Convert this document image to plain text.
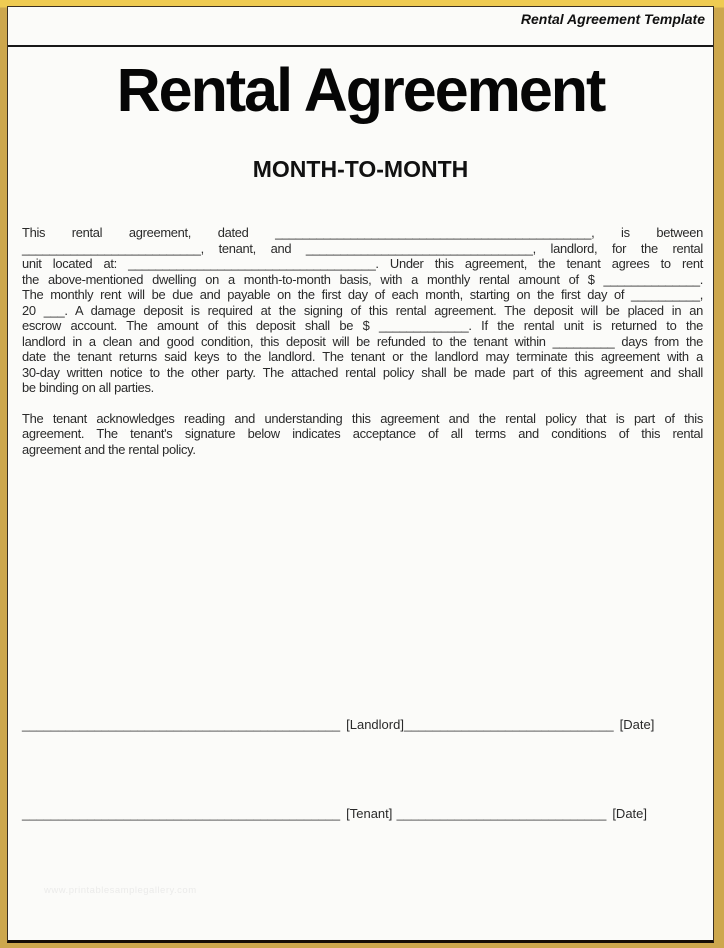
Rental Agreement Template
Rental Agreement
MONTH-TO-MONTH
This rental agreement, dated ______________________________________________, is between
__________________________, tenant, and _________________________________, landlord, for the rental
unit located at: ____________________________________. Under this agreement, the tenant agrees to rent
the above-mentioned dwelling on a month-to-month basis, with a monthly rental amount of $ ______________.
The monthly rent will be due and payable on the first day of each month, starting on the first day of __________,
20 ___. A damage deposit is required at the signing of this rental agreement. The deposit will be placed in an
escrow account. The amount of this deposit shall be $ _____________. If the rental unit is returned to the
landlord in a clean and good condition, this deposit will be refunded to the tenant within _________ days from the
date the tenant returns said keys to the landlord. The tenant or the landlord may terminate this agreement with a
30-day written notice to the other party. The attached rental policy shall be made part of this agreement and shall
be binding on all parties.
The tenant acknowledges reading and understanding this agreement and the rental policy that is part of this
agreement. The tenant's signature below indicates acceptance of all terms and conditions of this rental
agreement and the rental policy.
____________________________________________ [Landlord] _____________________________ [Date]
____________________________________________ [Tenant] _____________________________ [Date]
www.printablesamplegallery.com
